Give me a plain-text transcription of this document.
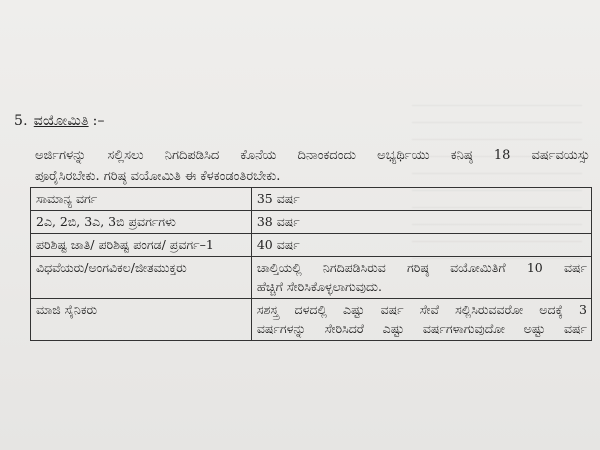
5. ವಯೋಮಿತಿ :–
ಅರ್ಜಿಗಳನ್ನು ಸಲ್ಲಿಸಲು ನಿಗದಿಪಡಿಸಿದ ಕೊನೆಯ ದಿನಾಂಕದಂದು ಅಭ್ಯರ್ಥಿಯು ಕನಿಷ್ಠ 18 ವರ್ಷವಯಸ್ಸು
ಪೂರೈಸಿರಬೇಕು. ಗರಿಷ್ಠ ವಯೋಮಿತಿ ಈ ಕೆಳಕಂಡಂತಿರಬೇಕು.
ಸಾಮಾನ್ಯ ವರ್ಗ	35 ವರ್ಷ
2ಎ, 2ಬಿ, 3ಎ, 3ಬಿ ಪ್ರವರ್ಗಗಳು	38 ವರ್ಷ
ಪರಿಶಿಷ್ಟ ಜಾತಿ/ ಪರಿಶಿಷ್ಟ ಪಂಗಡ/ ಪ್ರವರ್ಗ–1	40 ವರ್ಷ
ವಿಧವೆಯರು/ಅಂಗವಿಕಲ/ಜೀತಮುಕ್ತರು	ಚಾಲ್ತಿಯಲ್ಲಿ ನಿಗದಿಪಡಿಸಿರುವ ಗರಿಷ್ಠ ವಯೋಮಿತಿಗೆ 10 ವರ್ಷ
ಹೆಚ್ಚಿಗೆ ಸೇರಿಸಿಕೊಳ್ಳಲಾಗುವುದು.
ಮಾಜಿ ಸೈನಿಕರು	ಸಶಸ್ತ್ರ ದಳದಲ್ಲಿ ಎಷ್ಟು ವರ್ಷ ಸೇವೆ ಸಲ್ಲಿಸಿರುವವರೋ ಅದಕ್ಕೆ 3
ವರ್ಷಗಳನ್ನು ಸೇರಿಸಿದರೆ ಎಷ್ಟು ವರ್ಷಗಳಾಗುವುದೋ ಅಷ್ಟು ವರ್ಷ
